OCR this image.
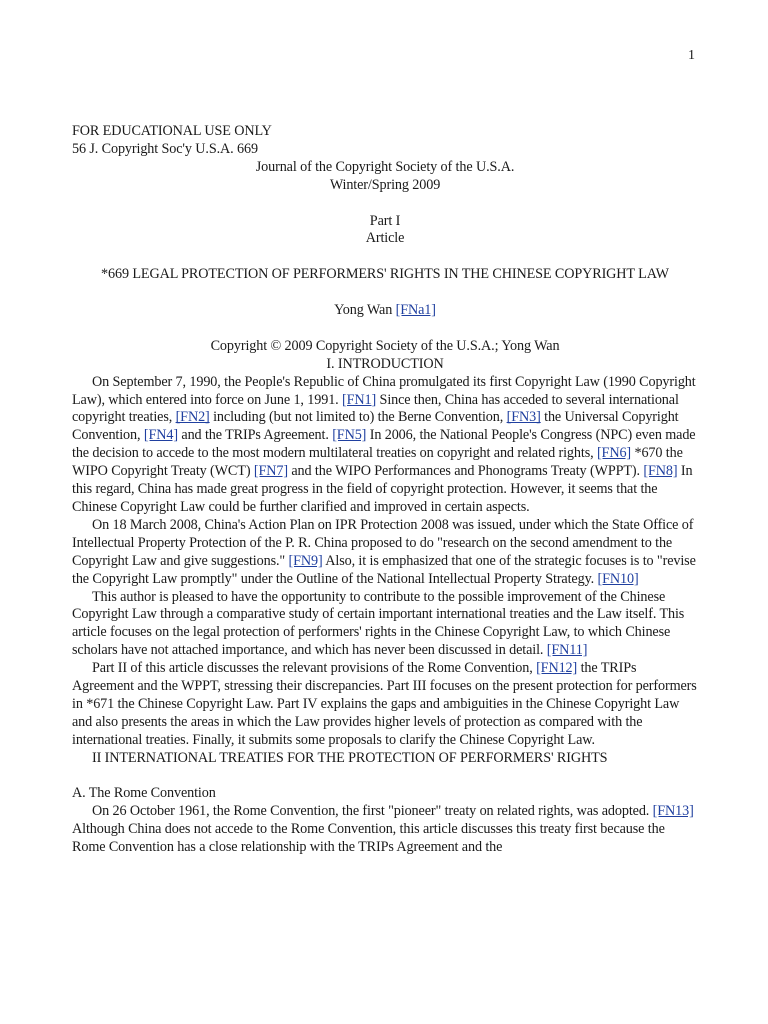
1
FOR EDUCATIONAL USE ONLY
56 J. Copyright Soc'y U.S.A. 669
Journal of the Copyright Society of the U.S.A.
Winter/Spring 2009
Part I
Article
*669 LEGAL PROTECTION OF PERFORMERS' RIGHTS IN THE CHINESE COPYRIGHT LAW
Yong Wan [FNa1]
Copyright © 2009 Copyright Society of the U.S.A.; Yong Wan
I. INTRODUCTION

On September 7, 1990, the People's Republic of China promulgated its first Copyright Law (1990 Copyright Law), which entered into force on June 1, 1991. [FN1] Since then, China has acceded to several international copyright treaties, [FN2] including (but not limited to) the Berne Convention, [FN3] the Universal Copyright Convention, [FN4] and the TRIPs Agreement. [FN5] In 2006, the National People's Congress (NPC) even made the decision to accede to the most modern multilateral treaties on copyright and related rights, [FN6] *670 the WIPO Copyright Treaty (WCT) [FN7] and the WIPO Performances and Phonograms Treaty (WPPT). [FN8] In this regard, China has made great progress in the field of copyright protection. However, it seems that the Chinese Copyright Law could be further clarified and improved in certain aspects.

On 18 March 2008, China's Action Plan on IPR Protection 2008 was issued, under which the State Office of Intellectual Property Protection of the P. R. China proposed to do "research on the second amendment to the Copyright Law and give suggestions." [FN9] Also, it is emphasized that one of the strategic focuses is to "revise the Copyright Law promptly" under the Outline of the National Intellectual Property Strategy. [FN10]

This author is pleased to have the opportunity to contribute to the possible improvement of the Chinese Copyright Law through a comparative study of certain important international treaties and the Law itself. This article focuses on the legal protection of performers' rights in the Chinese Copyright Law, to which Chinese scholars have not attached importance, and which has never been discussed in detail. [FN11]

Part II of this article discusses the relevant provisions of the Rome Convention, [FN12] the TRIPs Agreement and the WPPT, stressing their discrepancies. Part III focuses on the present protection for performers in *671 the Chinese Copyright Law. Part IV explains the gaps and ambiguities in the Chinese Copyright Law and also presents the areas in which the Law provides higher levels of protection as compared with the international treaties. Finally, it submits some proposals to clarify the Chinese Copyright Law.

II INTERNATIONAL TREATIES FOR THE PROTECTION OF PERFORMERS' RIGHTS
A. The Rome Convention

On 26 October 1961, the Rome Convention, the first "pioneer" treaty on related rights, was adopted. [FN13] Although China does not accede to the Rome Convention, this article discusses this treaty first because the Rome Convention has a close relationship with the TRIPs Agreement and the
